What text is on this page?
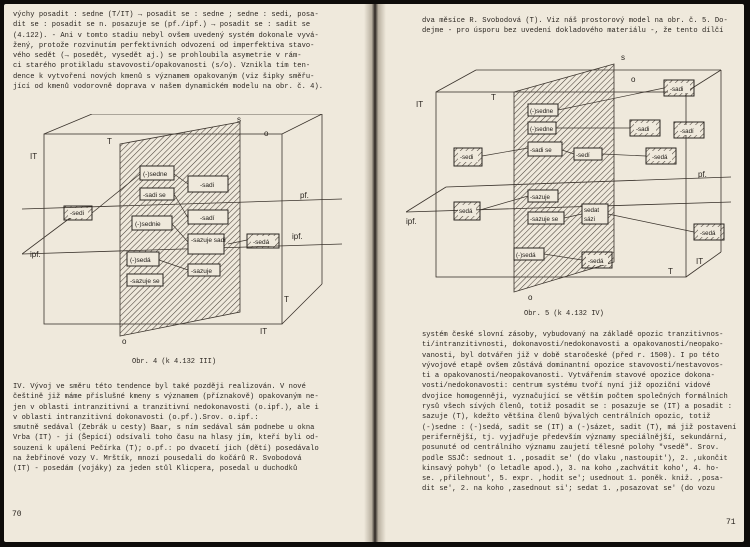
výchy posadit : sedne (T/IT) → posadit se : sedne ; sedne : sedi, posa-
dit se : posadit se n. posazuje se (pf./ipf.) → posadit se : sadit se
(4.122). - Ani v tomto stadiu nebyl ovšem uvedený systém dokonale vyvá-
žený, protože rozvinutím perfektivních odvození od imperfektiva stavo-
vého sedět (→ posedět, vysedět aj.) se prohloubila asymetrie v rám-
ci starého protikladu stavovosti/opakovanosti (s/o). Vznikla tím ten-
dence k vytvoření nových kmenů s významem opakovaným (viz šipky směřu-
jící od kmenů vodorovně doprava v našem dynamickém modelu na obr. č. 4).
T
IT
s
o
o
pf.
ipf.
ipf.
IT
T
-sedi
(-)sedne
-sadi se
(-)sednie
-sadi
-sadí
(-)sedá
-sazuje sadi
-sazuje se
-sazuje
-sedá
Obr. 4 (k 4.132 III)
IV. Vývoj ve směru této tendence byl také později realizován. V nové
češtině již máme příslušné kmeny s významem (příznakově) opakovaným ne-
jen v oblasti intranzitivní a tranzitivní nedokonavosti (o.ipf.), ale i
v oblasti intranzitivní dokonavosti (o.pf.).Srov. o.ipf.:
smutně sedával (Zebrák u cesty) Baar, s ním sedával sám podnebe u okna
Vrba (IT) - jí (Šepící) odsívali toho času na hlasy jím, kteří byli od-
souzeni k upálení Pečírka (T); o.pf.: po dvacetí jich (dětí) posedávalo
na žebřinové vozy V. Mrštík, mnozí pousedali do kočárů R. Svobodová
(IT) - posedám (vojáky) za jeden stůl Klicpera, posedal u duchodků
70
dva měsíce R. Svobodová (T). Viz náš prostorový model na obr. č. 5. Do-
dejme - pro úsporu bez uvedení dokladového materiálu -, že tento dílčí
s
o
IT
T
pf.
ipf.
T
IT
o
(-)sedne
-sadi
-sadi
(-)sedne
-sedi
-sadi se
-sedí
-sadí
-sedá
sedá
-sazuje
-sazuje se
sedat
sázi
-sedá
(-)sedá
-sedá
Obr. 5 (k 4.132 IV)
systém české slovní zásoby, vybudovaný na základě opozic tranzitivnos-
ti/intranzitivnosti, dokonavosti/nedokonavosti a opakovanosti/neopako-
vanosti, byl dotvářen již v době staročeské (před r. 1500). I po této
vývojové etapě ovšem zůstává dominantní opozice stavovosti/nestavovos-
ti a opakovanosti/neopakovanosti. Vytvářením stavové opozice dokona-
vosti/nedokonavosti: centrum systému tvoří nyní již opoziční vidové
dvojice homogenněji, vyznačující se větším počtem společných formálních
rysů všech sívých členů, totiž posadit se : posazuje se (IT) a posadit :
sazuje (T), kdežto většina členů bývalých centrálních opozic, totiž
(-)sedne : (-)sedá, sadit se (IT) a (-)sázet, sadit (T), má již postavení
perifernější, tj. vyjadřuje především významy speciálnější, sekundární,
posunuté od centrálního významu zaujetí tělesné polohy "vsedě". Srov.
podle SSJČ: sednout 1. ,posadit se' (do vlaku ,nastoupit'), 2. ,ukončit
kinsavý pohyb' (o letadle apod.), 3. na koho ,zachvátit koho', 4. ho-
se. ,přilehnout', 5. expr. ,hodit se'; usednout 1. poněk. kniž. ,posa-
dit se', 2. na koho ,zasednout si'; sedat 1. ,posazovat se' (do vozu
71
